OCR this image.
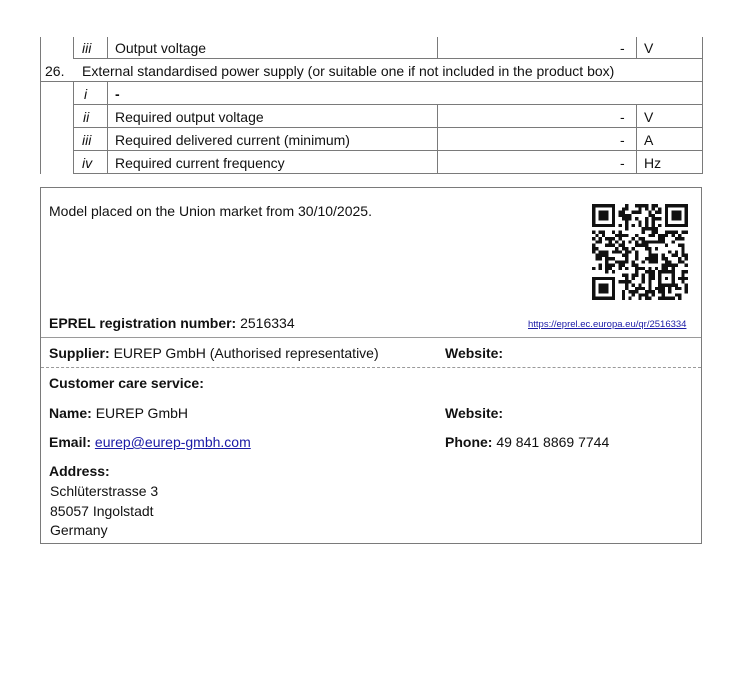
iii Output voltage	- V
26. External standardised power supply (or suitable one if not included in the product box)
i -
ii Required output voltage	- V
iii Required delivered current (minimum)	- A
iv Required current frequency	- Hz
Model placed on the Union market from 30/10/2025.
EPREL registration number: 2516334	https://eprel.ec.europa.eu/qr/2516334
Supplier: EUREP GmbH (Authorised representative)	Website:
Customer care service:
Name: EUREP GmbH	Website:
Email: eurep@eurep-gmbh.com	Phone: 49 841 8869 7744
Address:
Schlüterstrasse 3
85057 Ingolstadt
Germany
